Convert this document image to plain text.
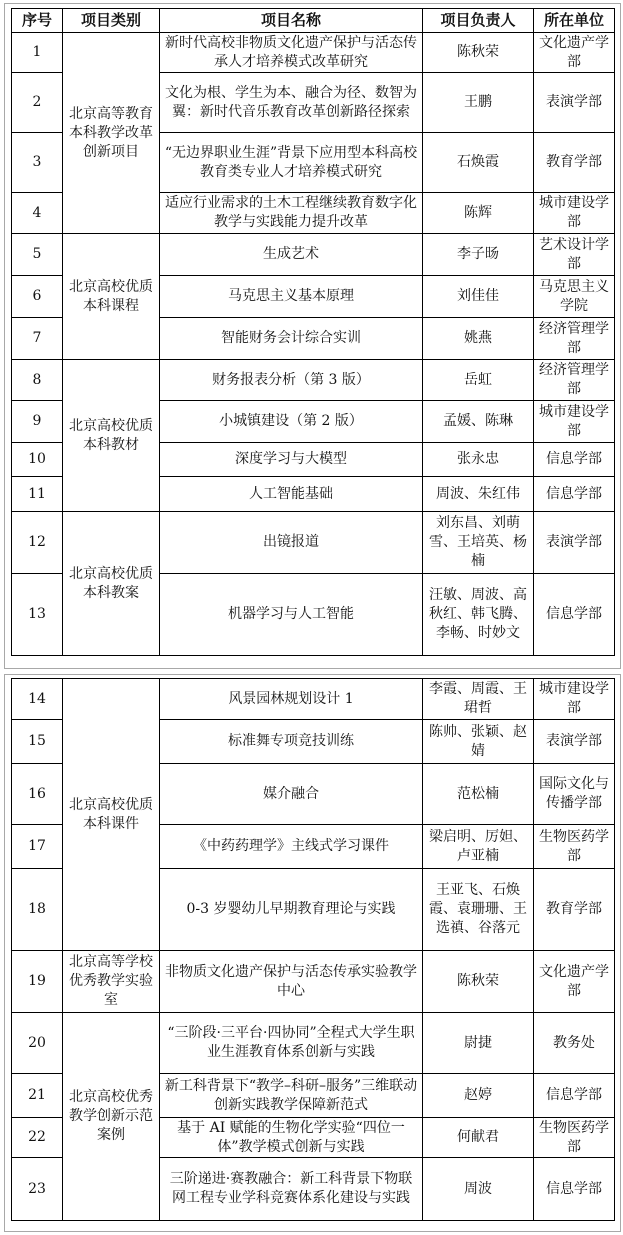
序号	项目类别	项目名称	项目负责人	所在单位
1	北京高等教育本科教学改革创新项目	新时代高校非物质文化遗产保护与活态传承人才培养模式改革研究	陈秋荣	文化遗产学部
2		文化为根、学生为本、融合为径、数智为翼：新时代音乐教育改革创新路径探索	王鹏	表演学部
3		“无边界职业生涯”背景下应用型本科高校教育类专业人才培养模式研究	石焕霞	教育学部
4		适应行业需求的土木工程继续教育数字化教学与实践能力提升改革	陈辉	城市建设学部
5	北京高校优质本科课程	生成艺术	李子旸	艺术设计学部
6		马克思主义基本原理	刘佳佳	马克思主义学院
7		智能财务会计综合实训	姚燕	经济管理学部
8	北京高校优质本科教材	财务报表分析（第 3 版）	岳虹	经济管理学部
9		小城镇建设（第 2 版）	孟媛、陈琳	城市建设学部
10		深度学习与大模型	张永忠	信息学部
11		人工智能基础	周波、朱红伟	信息学部
12	北京高校优质本科教案	出镜报道	刘东昌、刘萌雪、王培英、杨楠	表演学部
13		机器学习与人工智能	汪敏、周波、高秋红、韩飞腾、李畅、时妙文	信息学部
14	北京高校优质本科课件	风景园林规划设计 1	李霞、周霞、王珺哲	城市建设学部
15		标准舞专项竞技训练	陈帅、张颖、赵婧	表演学部
16		媒介融合	范松楠	国际文化与传播学部
17		《中药药理学》主线式学习课件	梁启明、厉妲、卢亚楠	生物医药学部
18		0-3 岁婴幼儿早期教育理论与实践	王亚飞、石焕霞、袁珊珊、王选禛、谷落元	教育学部
19	北京高等学校优秀教学实验室	非物质文化遗产保护与活态传承实验教学中心	陈秋荣	文化遗产学部
20	北京高校优秀教学创新示范案例	“三阶段·三平台·四协同”全程式大学生职业生涯教育体系创新与实践	尉捷	教务处
21		新工科背景下“教学–科研–服务”三维联动创新实践教学保障新范式	赵婷	信息学部
22		基于 AI 赋能的生物化学实验“四位一体”教学模式创新与实践	何献君	生物医药学部
23		三阶递进·赛教融合：新工科背景下物联网工程专业学科竞赛体系化建设与实践	周波	信息学部
